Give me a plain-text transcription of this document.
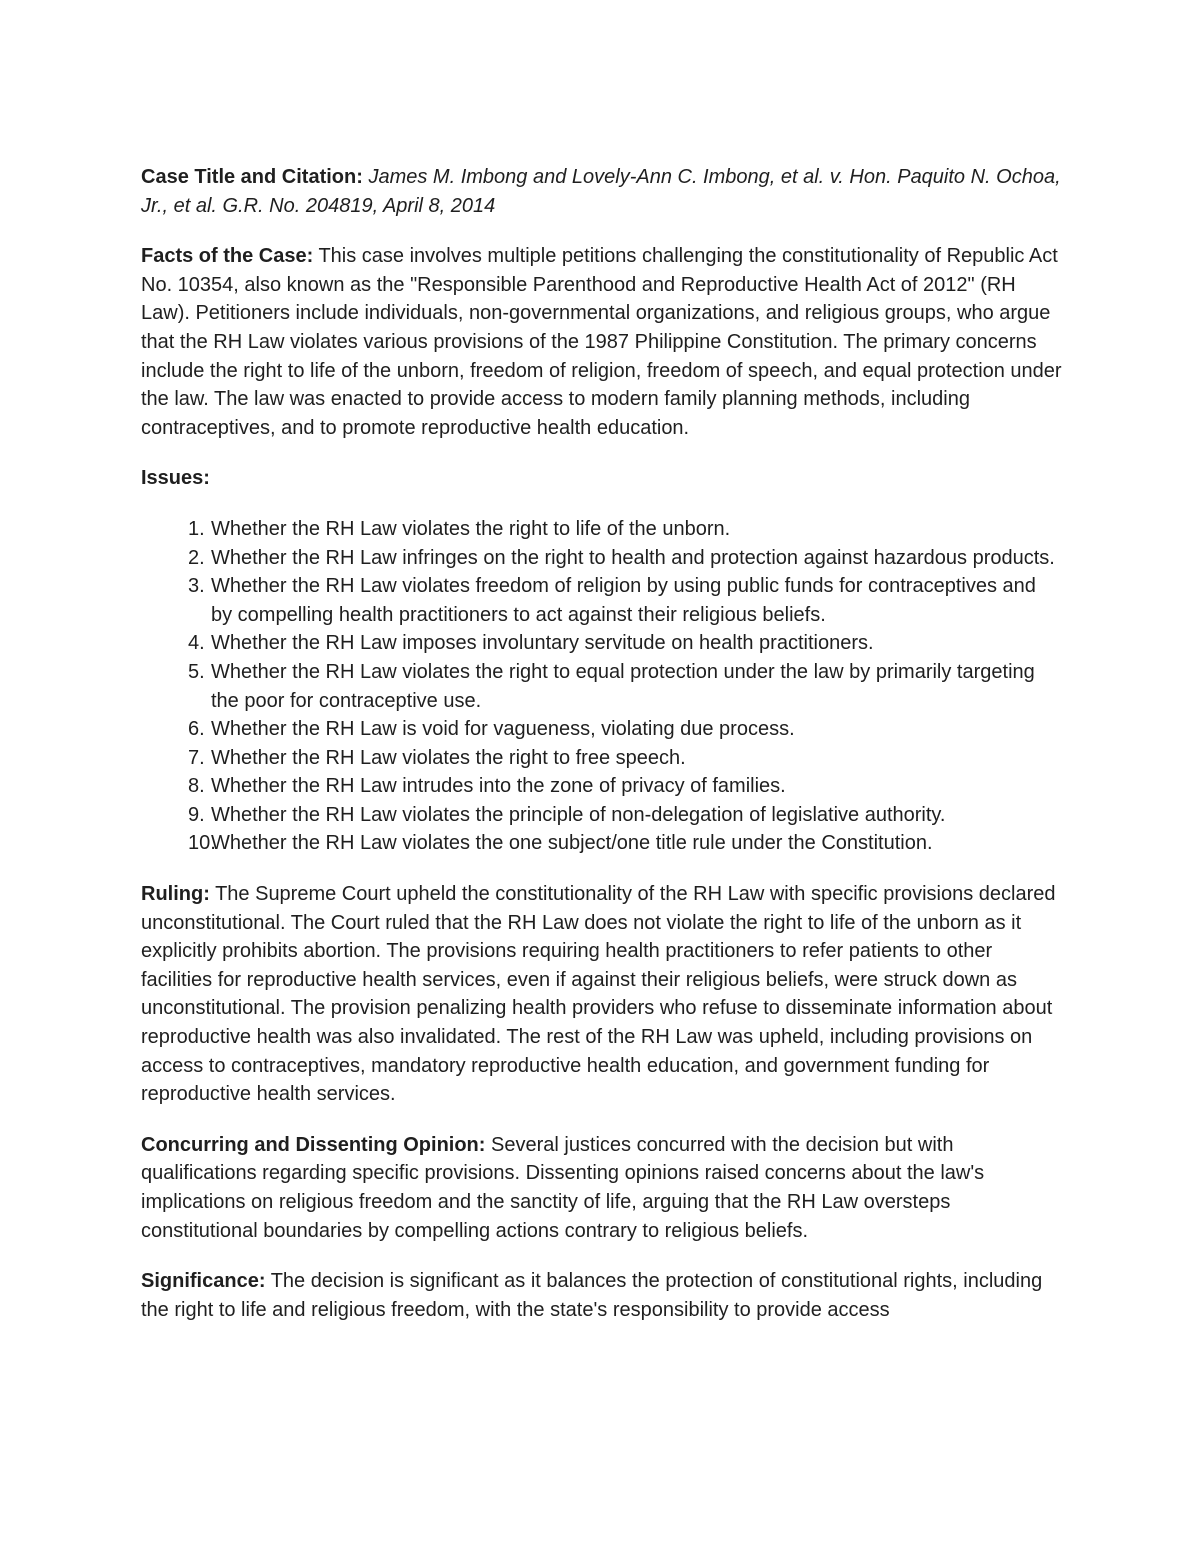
Case Title and Citation: James M. Imbong and Lovely-Ann C. Imbong, et al. v. Hon. Paquito N. Ochoa, Jr., et al. G.R. No. 204819, April 8, 2014

Facts of the Case: This case involves multiple petitions challenging the constitutionality of Republic Act No. 10354, also known as the "Responsible Parenthood and Reproductive Health Act of 2012" (RH Law). Petitioners include individuals, non-governmental organizations, and religious groups, who argue that the RH Law violates various provisions of the 1987 Philippine Constitution. The primary concerns include the right to life of the unborn, freedom of religion, freedom of speech, and equal protection under the law. The law was enacted to provide access to modern family planning methods, including contraceptives, and to promote reproductive health education.

Issues:

1. Whether the RH Law violates the right to life of the unborn.
2. Whether the RH Law infringes on the right to health and protection against hazardous products.
3. Whether the RH Law violates freedom of religion by using public funds for contraceptives and by compelling health practitioners to act against their religious beliefs.
4. Whether the RH Law imposes involuntary servitude on health practitioners.
5. Whether the RH Law violates the right to equal protection under the law by primarily targeting the poor for contraceptive use.
6. Whether the RH Law is void for vagueness, violating due process.
7. Whether the RH Law violates the right to free speech.
8. Whether the RH Law intrudes into the zone of privacy of families.
9. Whether the RH Law violates the principle of non-delegation of legislative authority.
10.
Whether the RH Law violates the one subject/one title rule under the Constitution.

Ruling: The Supreme Court upheld the constitutionality of the RH Law with specific provisions declared unconstitutional. The Court ruled that the RH Law does not violate the right to life of the unborn as it explicitly prohibits abortion. The provisions requiring health practitioners to refer patients to other facilities for reproductive health services, even if against their religious beliefs, were struck down as unconstitutional. The provision penalizing health providers who refuse to disseminate information about reproductive health was also invalidated. The rest of the RH Law was upheld, including provisions on access to contraceptives, mandatory reproductive health education, and government funding for reproductive health services.

Concurring and Dissenting Opinion: Several justices concurred with the decision but with qualifications regarding specific provisions. Dissenting opinions raised concerns about the law's implications on religious freedom and the sanctity of life, arguing that the RH Law oversteps constitutional boundaries by compelling actions contrary to religious beliefs.

Significance: The decision is significant as it balances the protection of constitutional rights, including the right to life and religious freedom, with the state's responsibility to provide access
